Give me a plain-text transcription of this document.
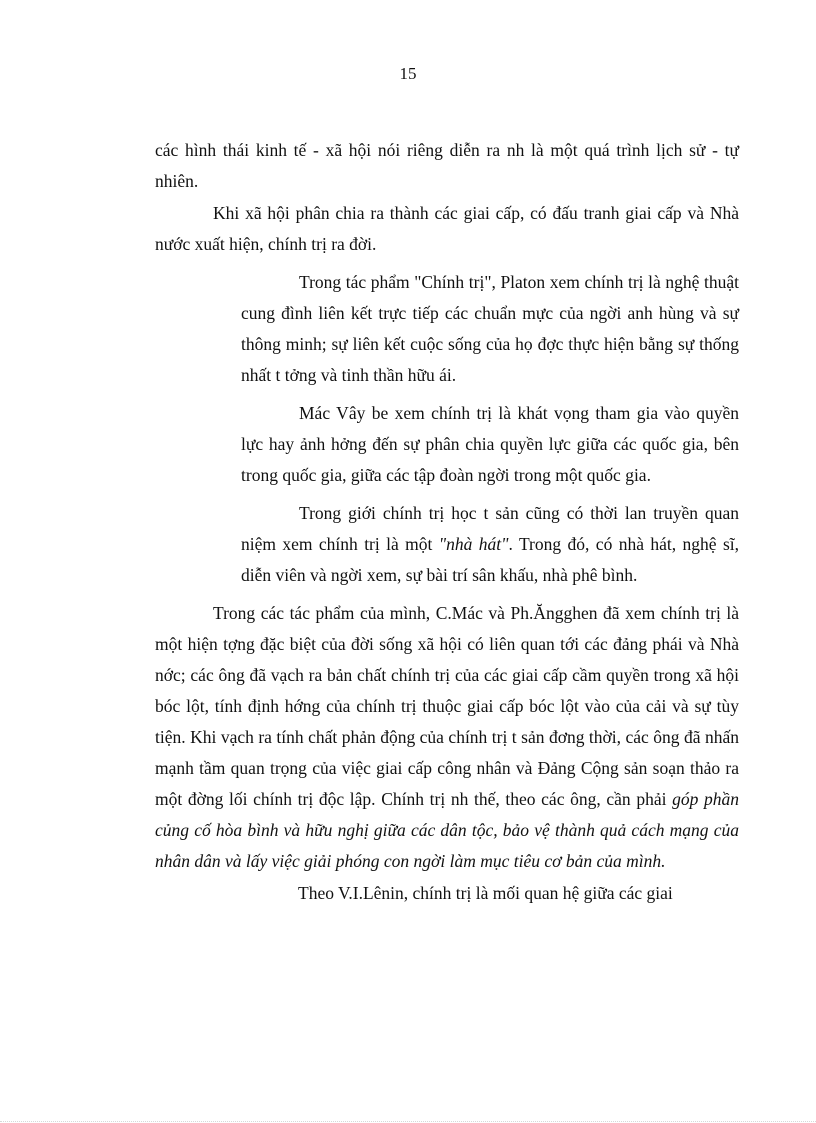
15

các hình thái kinh tế - xã hội nói riêng diễn ra nh là một quá trình lịch sử - tự nhiên.

Khi xã hội phân chia ra thành các giai cấp, có đấu tranh giai cấp và Nhà nước xuất hiện, chính trị ra đời.

Trong tác phẩm "Chính trị", Platon xem chính trị là nghệ thuật cung đình liên kết trực tiếp các chuẩn mực của ngời anh hùng và sự thông minh; sự liên kết cuộc sống của họ đợc thực hiện bằng sự thống nhất t tởng và tinh thần hữu ái.

Mác Vây be xem chính trị là khát vọng tham gia vào quyền lực hay ảnh hởng đến sự phân chia quyền lực giữa các quốc gia, bên trong quốc gia, giữa các tập đoàn ngời trong một quốc gia.

Trong giới chính trị học t sản cũng có thời lan truyền quan niệm xem chính trị là một "nhà hát". Trong đó, có nhà hát, nghệ sĩ, diễn viên và ngời xem, sự bài trí sân khấu, nhà phê bình.

Trong các tác phẩm của mình, C.Mác và Ph.Ăngghen đã xem chính trị là một hiện tợng đặc biệt của đời sống xã hội có liên quan tới các đảng phái và Nhà nớc; các ông đã vạch ra bản chất chính trị của các giai cấp cầm quyền trong xã hội bóc lột, tính định hớng của chính trị thuộc giai cấp bóc lột vào của cải và sự tùy tiện. Khi vạch ra tính chất phản động của chính trị t sản đơng thời, các ông đã nhấn mạnh tầm quan trọng của việc giai cấp công nhân và Đảng Cộng sản soạn thảo ra một đờng lối chính trị độc lập. Chính trị nh thế, theo các ông, cần phải góp phần củng cố hòa bình và hữu nghị giữa các dân tộc, bảo vệ thành quả cách mạng của nhân dân và lấy việc giải phóng con ngời làm mục tiêu cơ bản của mình.

Theo V.I.Lênin, chính trị là mối quan hệ giữa các giai
